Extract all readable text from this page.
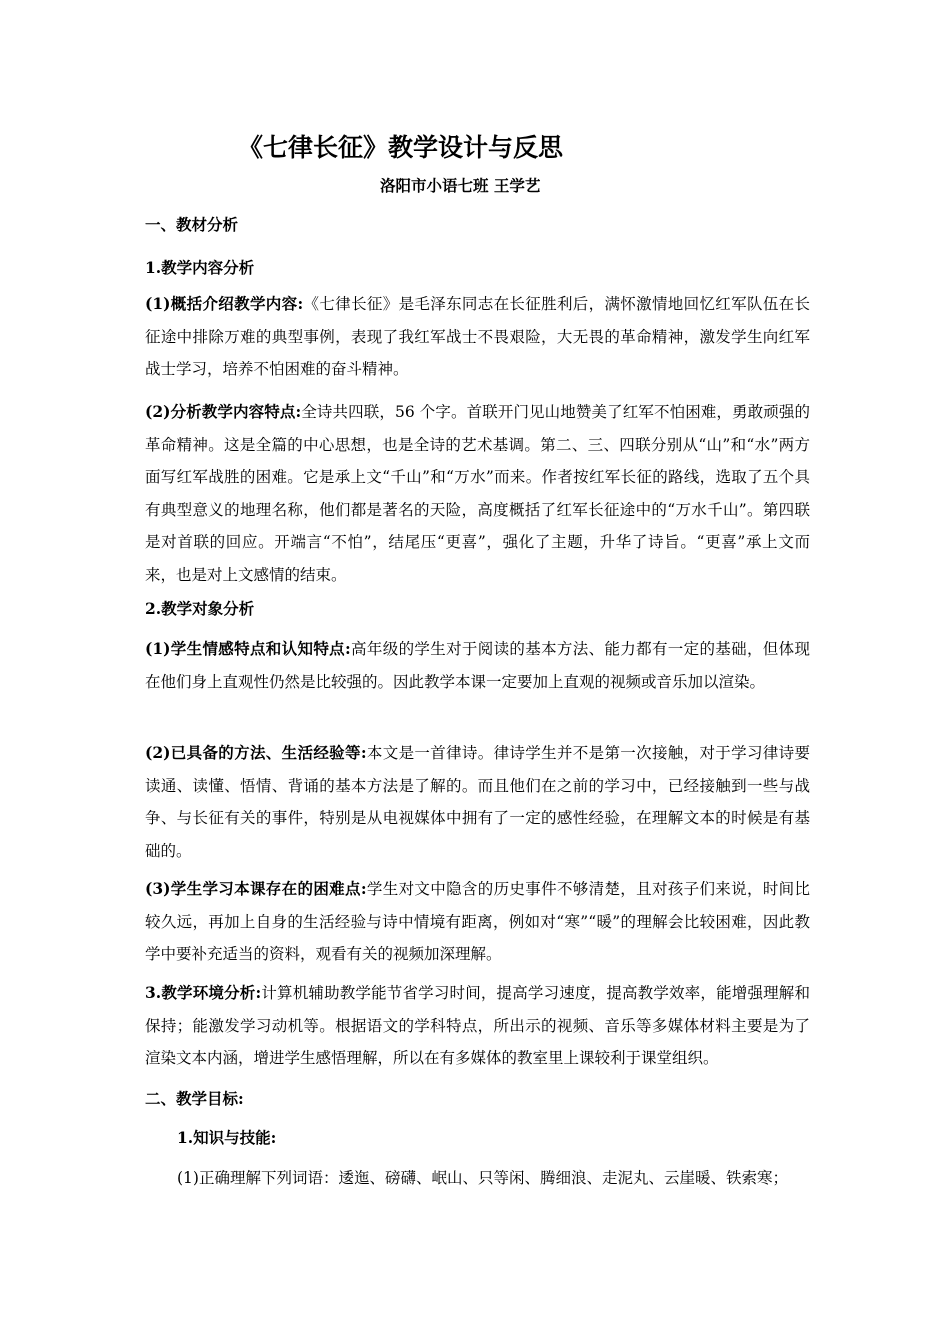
《七律长征》教学设计与反思
洛阳市小语七班 王学艺
一、教材分析
1.教学内容分析
(1)概括介绍教学内容:《七律长征》是毛泽东同志在长征胜利后，满怀激情地回忆红军队伍在长征途中排除万难的典型事例，表现了我红军战士不畏艰险，大无畏的革命精神，激发学生向红军战士学习，培养不怕困难的奋斗精神。
(2)分析教学内容特点:全诗共四联，56 个字。首联开门见山地赞美了红军不怕困难，勇敢顽强的革命精神。这是全篇的中心思想，也是全诗的艺术基调。第二、三、四联分别从“山”和“水”两方面写红军战胜的困难。它是承上文“千山”和“万水”而来。作者按红军长征的路线，选取了五个具有典型意义的地理名称，他们都是著名的天险，高度概括了红军长征途中的“万水千山”。第四联是对首联的回应。开端言“不怕”，结尾压“更喜”，强化了主题，升华了诗旨。“更喜”承上文而来，也是对上文感情的结束。
2.教学对象分析
(1)学生情感特点和认知特点:高年级的学生对于阅读的基本方法、能力都有一定的基础，但体现在他们身上直观性仍然是比较强的。因此教学本课一定要加上直观的视频或音乐加以渲染。
(2)已具备的方法、生活经验等:本文是一首律诗。律诗学生并不是第一次接触，对于学习律诗要读通、读懂、悟情、背诵的基本方法是了解的。而且他们在之前的学习中，已经接触到一些与战争、与长征有关的事件，特别是从电视媒体中拥有了一定的感性经验，在理解文本的时候是有基础的。
(3)学生学习本课存在的困难点:学生对文中隐含的历史事件不够清楚，且对孩子们来说，时间比较久远，再加上自身的生活经验与诗中情境有距离，例如对“寒”“暖”的理解会比较困难，因此教学中要补充适当的资料，观看有关的视频加深理解。
3.教学环境分析:计算机辅助教学能节省学习时间，提高学习速度，提高教学效率，能增强理解和保持；能激发学习动机等。根据语文的学科特点，所出示的视频、音乐等多媒体材料主要是为了渲染文本内涵，增进学生感悟理解，所以在有多媒体的教室里上课较利于课堂组织。
二、教学目标:
1.知识与技能:
(1)正确理解下列词语：逶迤、磅礴、岷山、只等闲、腾细浪、走泥丸、云崖暖、铁索寒；
